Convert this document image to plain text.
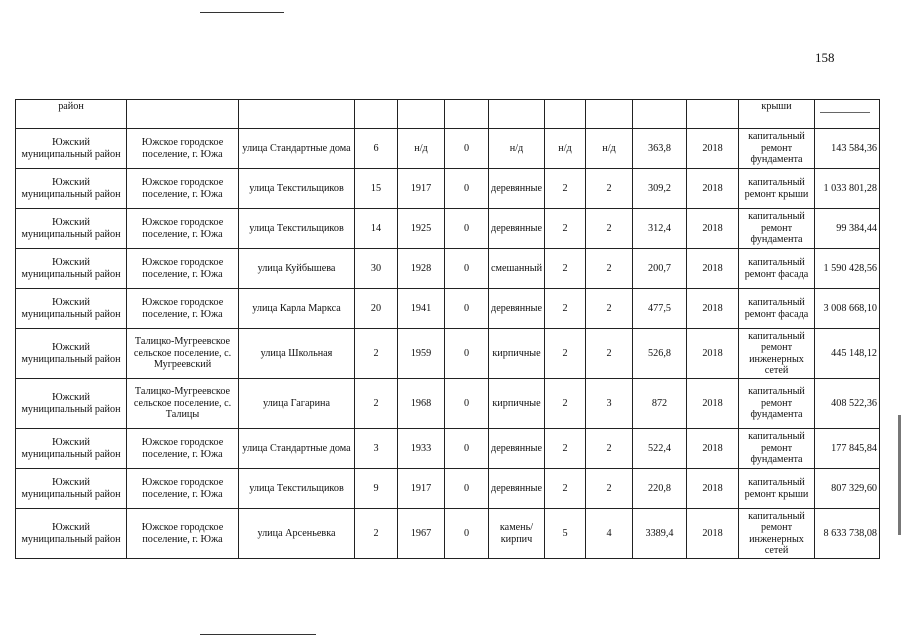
158
район											крыши	
Южский муниципальный район	Южское городское поселение, г. Южа	улица Стандартные дома	6	н/д	0	н/д	н/д	н/д	363,8	2018	капитальный ремонт фундамента	143 584,36
Южский муниципальный район	Южское городское поселение, г. Южа	улица Текстильщиков	15	1917	0	деревянные	2	2	309,2	2018	капитальный ремонт крыши	1 033 801,28
Южский муниципальный район	Южское городское поселение, г. Южа	улица Текстильщиков	14	1925	0	деревянные	2	2	312,4	2018	капитальный ремонт фундамента	99 384,44
Южский муниципальный район	Южское городское поселение, г. Южа	улица Куйбышева	30	1928	0	смешанный	2	2	200,7	2018	капитальный ремонт фасада	1 590 428,56
Южский муниципальный район	Южское городское поселение, г. Южа	улица Карла Маркса	20	1941	0	деревянные	2	2	477,5	2018	капитальный ремонт фасада	3 008 668,10
Южский муниципальный район	Талицко-Мугреевское сельское поселение, с. Мугреевский	улица Школьная	2	1959	0	кирпичные	2	2	526,8	2018	капитальный ремонт инженерных сетей	445 148,12
Южский муниципальный район	Талицко-Мугреевское сельское поселение, с. Талицы	улица Гагарина	2	1968	0	кирпичные	2	3	872	2018	капитальный ремонт фундамента	408 522,36
Южский муниципальный район	Южское городское поселение, г. Южа	улица Стандартные дома	3	1933	0	деревянные	2	2	522,4	2018	капитальный ремонт фундамента	177 845,84
Южский муниципальный район	Южское городское поселение, г. Южа	улица Текстильщиков	9	1917	0	деревянные	2	2	220,8	2018	капитальный ремонт крыши	807 329,60
Южский муниципальный район	Южское городское поселение, г. Южа	улица Арсеньевка	2	1967	0	камень/кирпич	5	4	3389,4	2018	капитальный ремонт инженерных сетей	8 633 738,08
